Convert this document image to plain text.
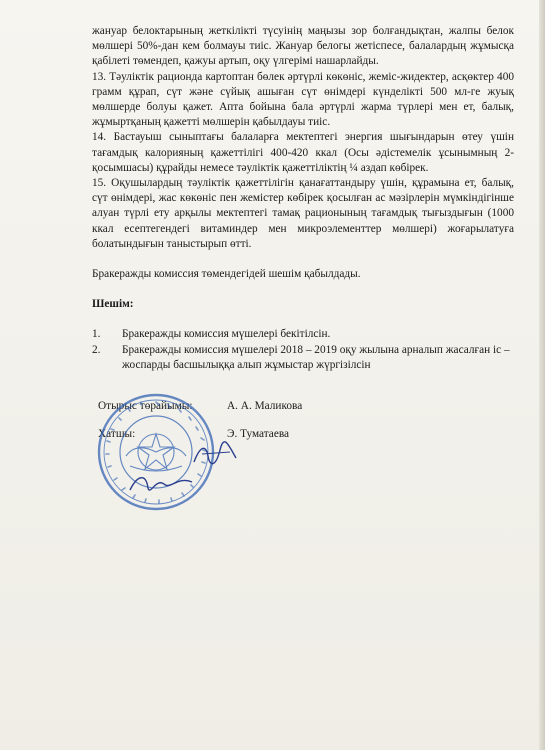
жануар белоктарының жеткілікті түсуінің маңызы зор болғандықтан, жалпы белок мөлшері 50%-дан кем болмауы тиіс. Жануар белогы жетіспесе, балалардың жұмысқа қабілеті төмендеп, қажуы артып, оқу үлгерімі нашарлайды.

13. Тәуліктік рационда картоптан бөлек әртүрлі көкөніс, жеміс-жидектер, асқөктер 400 грамм құрап, сүт және сүйық ашыған сүт өнімдері күнделікті 500 мл-ге жуық мөлшерде болуы қажет. Апта бойына бала әртүрлі жарма түрлері мен ет, балық, жұмыртқаның қажетті мөлшерін қабылдауы тиіс.

14. Бастауыш сыныптағы балаларға мектептегі энергия шығындарын өтеу үшін тағамдық калорияның қажеттілігі 400-420 ккал (Осы әдістемелік ұсынымның 2-қосымшасы) құрайды немесе тәуліктік қажеттіліктің ¼ аздап көбірек.

15. Оқушылардың тәуліктік қажеттілігін қанағаттандыру үшін, құрамына ет, балық, сүт өнімдері, жас көкөніс пен жемістер көбірек қосылған ас мәзірлерін мүмкіндігінше алуан түрлі ету арқылы мектептегі тамақ рационының тағамдық тығыздығын (1000 ккал есептегендегі витаминдер мен микроэлементтер мөлшері) жоғарылатуға болатындығын таныстырып өтті.

Бракеражды комиссия төмендегідей шешім қабылдады.

Шешім:

1. Бракеражды комиссия мүшелері бекітілсін.
2. Бракеражды комиссия мүшелері 2018 – 2019 оқу жылына арналып жасалған іс –жоспарды басшылыққа алып жұмыстар жүргізілсін
Отырыс төрайымы:	А. А. Маликова
Хатшы:	Э. Туматаева
